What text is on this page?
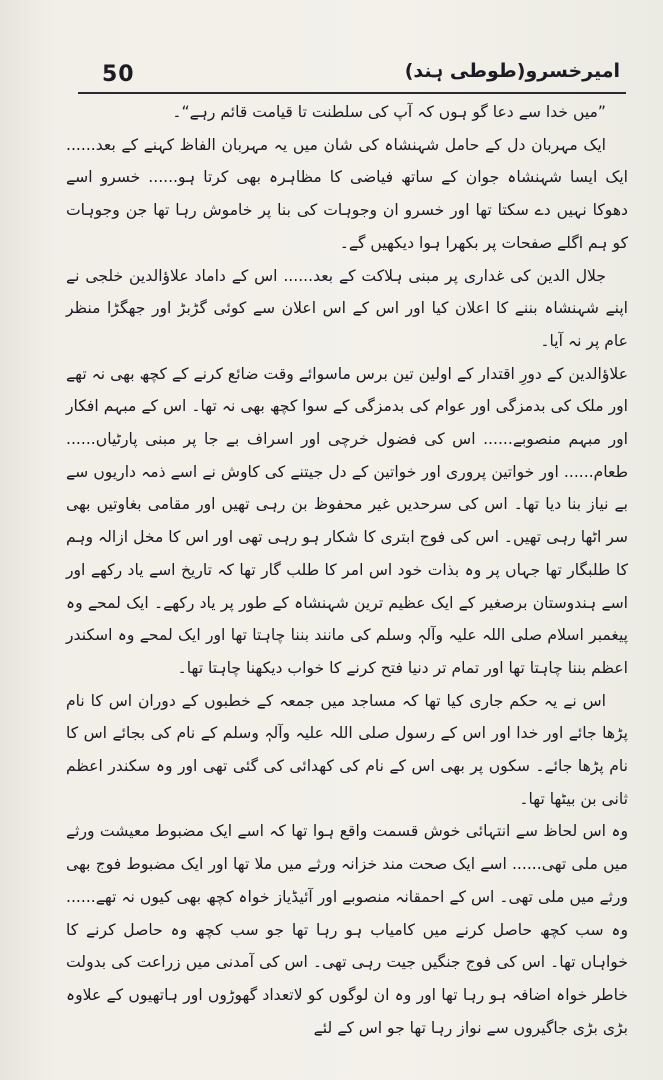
50	امیرخسرو(طوطی ہند)

”میں خدا سے دعا گو ہوں کہ آپ کی سلطنت تا قیامت قائم رہے“۔

ایک مہربان دل کے حامل شہنشاہ کی شان میں یہ مہربان الفاظ کہنے کے بعد...... ایک ایسا شہنشاہ جوان کے ساتھ فیاضی کا مظاہرہ بھی کرتا ہو...... خسرو اسے دھوکا نہیں دے سکتا تھا اور خسرو ان وجوہات کی بنا پر خاموش رہا تھا جن وجوہات کو ہم اگلے صفحات پر بکھرا ہوا دیکھیں گے۔

جلال الدین کی غداری پر مبنی ہلاکت کے بعد...... اس کے داماد علاؤالدین خلجی نے اپنے شہنشاہ بننے کا اعلان کیا اور اس کے اس اعلان سے کوئی گڑبڑ اور جھگڑا منظر عام پر نہ آیا۔

علاؤالدین کے دورِ اقتدار کے اولین تین برس ماسوائے وقت ضائع کرنے کے کچھ بھی نہ تھے اور ملک کی بدمزگی اور عوام کی بدمزگی کے سوا کچھ بھی نہ تھا۔ اس کے مبہم افکار اور مبہم منصوبے...... اس کی فضول خرچی اور اسراف بے جا پر مبنی پارٹیاں...... طعام...... اور خواتین پروری اور خواتین کے دل جیتنے کی کاوش نے اسے ذمہ داریوں سے بے نیاز بنا دیا تھا۔ اس کی سرحدیں غیر محفوظ بن رہی تھیں اور مقامی بغاوتیں بھی سر اٹھا رہی تھیں۔ اس کی فوج ابتری کا شکار ہو رہی تھی اور اس کا مخل ازالہ وہم کا طلبگار تھا جہاں پر وہ بذات خود اس امر کا طلب گار تھا کہ تاریخ اسے یاد رکھے اور اسے ہندوستان برصغیر کے ایک عظیم ترین شہنشاہ کے طور پر یاد رکھے۔ ایک لمحے وہ پیغمبر اسلام صلی اللہ علیہ وآلہٖ وسلم کی مانند بننا چاہتا تھا اور ایک لمحے وہ اسکندر اعظم بننا چاہتا تھا اور تمام تر دنیا فتح کرنے کا خواب دیکھنا چاہتا تھا۔

اس نے یہ حکم جاری کیا تھا کہ مساجد میں جمعہ کے خطبوں کے دوران اس کا نام پڑھا جائے اور خدا اور اس کے رسول صلی اللہ علیہ وآلہٖ وسلم کے نام کی بجائے اس کا نام پڑھا جائے۔ سکوں پر بھی اس کے نام کی کھدائی کی گئی تھی اور وہ سکندر اعظم ثانی بن بیٹھا تھا۔

وہ اس لحاظ سے انتہائی خوش قسمت واقع ہوا تھا کہ اسے ایک مضبوط معیشت ورثے میں ملی تھی...... اسے ایک صحت مند خزانہ ورثے میں ملا تھا اور ایک مضبوط فوج بھی ورثے میں ملی تھی۔ اس کے احمقانہ منصوبے اور آئیڈیاز خواہ کچھ بھی کیوں نہ تھے...... وہ سب کچھ حاصل کرنے میں کامیاب ہو رہا تھا جو سب کچھ وہ حاصل کرنے کا خواہاں تھا۔ اس کی فوج جنگیں جیت رہی تھی۔ اس کی آمدنی میں زراعت کی بدولت خاطر خواہ اضافہ ہو رہا تھا اور وہ ان لوگوں کو لاتعداد گھوڑوں اور ہاتھیوں کے علاوہ بڑی بڑی جاگیروں سے نواز رہا تھا جو اس کے لئے
